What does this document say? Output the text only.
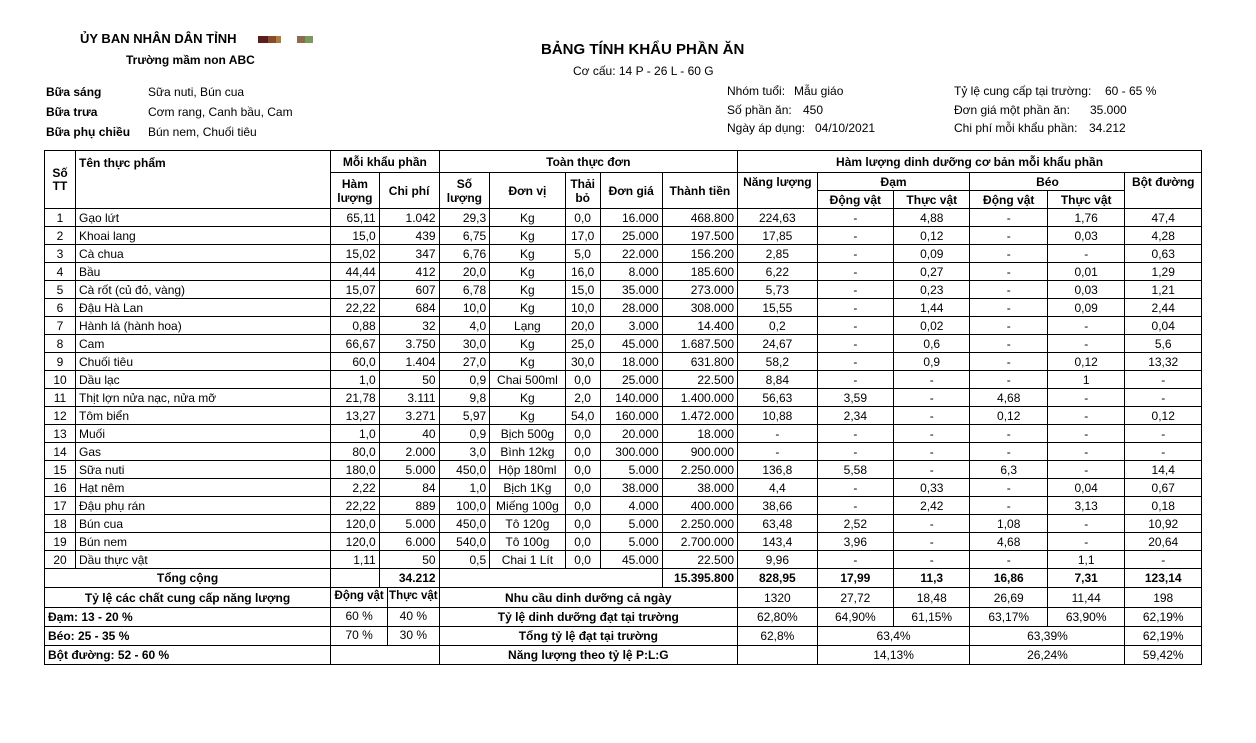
ỦY BAN NHÂN DÂN TỈNH
Trường mầm non ABC
BẢNG TÍNH KHẨU PHẦN ĂN
Cơ cấu: 14 P - 26 L - 60 G
Bữa sáng	Sữa nuti, Bún cua
Bữa trưa	Cơm rang, Canh bầu, Cam
Bữa phụ chiều Bún nem, Chuối tiêu
Nhóm tuổi: Mẫu giáo
Số phần ăn: 450
Ngày áp dụng: 04/10/2021
Tỷ lệ cung cấp tại trường: 60 - 65 %
Đơn giá một phần ăn: 35.000
Chi phí mỗi khẩu phần: 34.212
Số TT	Tên thực phẩm	Mỗi khẩu phần		Toàn thực đơn					Hàm lượng dinh dưỡng cơ bản mỗi khẩu phần					
		Hàm lượng	Chi phí	Số lượng	Đơn vị	Thải bỏ	Đơn giá	Thành tiền	Năng lượng	Đạm		Béo		Bột đường
										Động vật	Thực vật	Động vật	Thực vật	
1	Gạo lứt	65,11	1.042	29,3	Kg	0,0	16.000	468.800	224,63	-	4,88	-	1,76	47,4
2	Khoai lang	15,0	439	6,75	Kg	17,0	25.000	197.500	17,85	-	0,12	-	0,03	4,28
3	Cà chua	15,02	347	6,76	Kg	5,0	22.000	156.200	2,85	-	0,09	-	-	0,63
4	Bầu	44,44	412	20,0	Kg	16,0	8.000	185.600	6,22	-	0,27	-	0,01	1,29
5	Cà rốt (củ đỏ, vàng)	15,07	607	6,78	Kg	15,0	35.000	273.000	5,73	-	0,23	-	0,03	1,21
6	Đậu Hà Lan	22,22	684	10,0	Kg	10,0	28.000	308.000	15,55	-	1,44	-	0,09	2,44
7	Hành lá (hành hoa)	0,88	32	4,0	Lạng	20,0	3.000	14.400	0,2	-	0,02	-	-	0,04
8	Cam	66,67	3.750	30,0	Kg	25,0	45.000	1.687.500	24,67	-	0,6	-	-	5,6
9	Chuối tiêu	60,0	1.404	27,0	Kg	30,0	18.000	631.800	58,2	-	0,9	-	0,12	13,32
10	Dầu lạc	1,0	50	0,9	Chai 500ml	0,0	25.000	22.500	8,84	-	-	-	1	-
11	Thịt lợn nửa nạc, nửa mỡ	21,78	3.111	9,8	Kg	2,0	140.000	1.400.000	56,63	3,59	-	4,68	-	-
12	Tôm biển	13,27	3.271	5,97	Kg	54,0	160.000	1.472.000	10,88	2,34	-	0,12	-	0,12
13	Muối	1,0	40	0,9	Bịch 500g	0,0	20.000	18.000	-	-	-	-	-	-
14	Gas	80,0	2.000	3,0	Bình 12kg	0,0	300.000	900.000	-	-	-	-	-	-
15	Sữa nuti	180,0	5.000	450,0	Hộp 180ml	0,0	5.000	2.250.000	136,8	5,58	-	6,3	-	14,4
16	Hạt nêm	2,22	84	1,0	Bịch 1Kg	0,0	38.000	38.000	4,4	-	0,33	-	0,04	0,67
17	Đậu phụ rán	22,22	889	100,0	Miếng 100g	0,0	4.000	400.000	38,66	-	2,42	-	3,13	0,18
18	Bún cua	120,0	5.000	450,0	Tô 120g	0,0	5.000	2.250.000	63,48	2,52	-	1,08	-	10,92
19	Bún nem	120,0	6.000	540,0	Tô 100g	0,0	5.000	2.700.000	143,4	3,96	-	4,68	-	20,64
20	Dầu thực vật	1,11	50	0,5	Chai 1 Lít	0,0	45.000	22.500	9,96	-	-	-	1,1	-
Tổng cộng			34.212					15.395.800	828,95	17,99	11,3	16,86	7,31	123,14
Tỷ lệ các chất cung cấp năng lượng		Động vật Thực vật		Nhu cầu dinh dưỡng cả ngày					1320	27,72	18,48	26,69	11,44	198
Đạm: 13 - 20 %		60 % 40 %		Tỷ lệ dinh dưỡng đạt tại trường					62,80%	64,90%	61,15%	63,17%	63,90%	62,19%
Béo: 25 - 35 %		70 % 30 %		Tổng tỷ lệ đạt tại trường					62,8%	63,4%		63,39%		62,19%
Bột đường: 52 - 60 %				Năng lượng theo tỷ lệ P:L:G						14,13%		26,24%		59,42%
